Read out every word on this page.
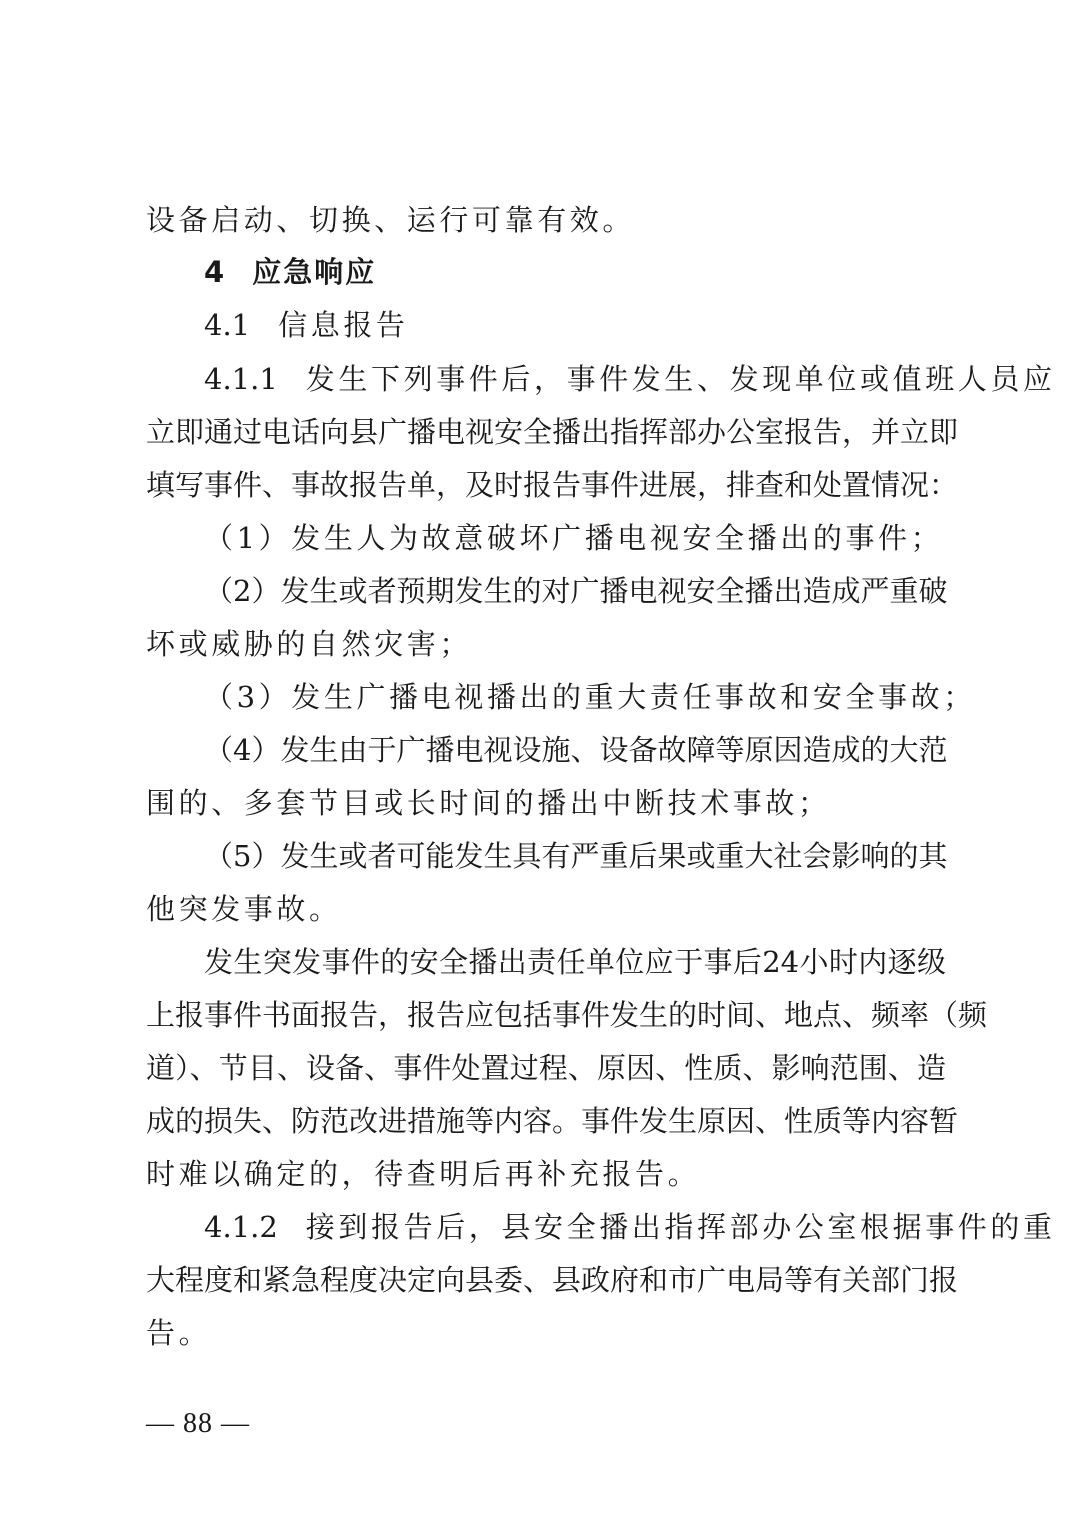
设备启动、切换、运行可靠有效。
4 应急响应
4.1 信息报告
4.1.1 发生下列事件后，事件发生、发现单位或值班人员应
立即通过电话向县广播电视安全播出指挥部办公室报告，并立即
填写事件、事故报告单，及时报告事件进展，排查和处置情况：
（1）发生人为故意破坏广播电视安全播出的事件；
（2）发生或者预期发生的对广播电视安全播出造成严重破
坏或威胁的自然灾害；
（3）发生广播电视播出的重大责任事故和安全事故；
（4）发生由于广播电视设施、设备故障等原因造成的大范
围的、多套节目或长时间的播出中断技术事故；
（5）发生或者可能发生具有严重后果或重大社会影响的其
他突发事故。
发生突发事件的安全播出责任单位应于事后24小时内逐级
上报事件书面报告，报告应包括事件发生的时间、地点、频率（频
道）、节目、设备、事件处置过程、原因、性质、影响范围、造
成的损失、防范改进措施等内容。事件发生原因、性质等内容暂
时难以确定的，待查明后再补充报告。
4.1.2 接到报告后，县安全播出指挥部办公室根据事件的重
大程度和紧急程度决定向县委、县政府和市广电局等有关部门报
告。
— 88 —
